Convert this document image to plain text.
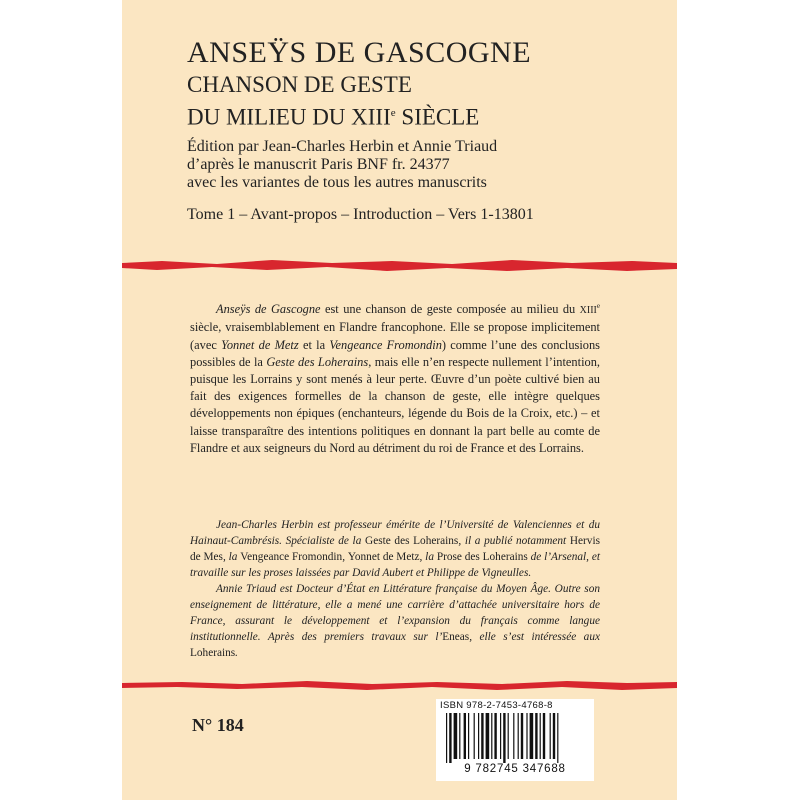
ANSEŸS DE GASCOGNE
CHANSON DE GESTE
DU MILIEU DU XIIIe SIÈCLE
Édition par Jean-Charles Herbin et Annie Triaud
d’après le manuscrit Paris BNF fr. 24377
avec les variantes de tous les autres manuscrits
Tome 1 – Avant-propos – Introduction – Vers 1-13801

Anseÿs de Gascogne est une chanson de geste composée au milieu du XIIIe siècle, vraisemblablement en Flandre francophone. Elle se propose implicitement (avec Yonnet de Metz et la Vengeance Fromondin) comme l’une des conclusions possibles de la Geste des Loherains, mais elle n’en respecte nullement l’intention, puisque les Lorrains y sont menés à leur perte. Œuvre d’un poète cultivé bien au fait des exigences formelles de la chanson de geste, elle intègre quelques développements non épiques (enchanteurs, légende du Bois de la Croix, etc.) – et laisse transparaître des intentions politiques en donnant la part belle au comte de Flandre et aux seigneurs du Nord au détriment du roi de France et des Lorrains.

Jean-Charles Herbin est professeur émérite de l’Université de Valenciennes et du Hainaut-Cambrésis. Spécialiste de la Geste des Loherains, il a publié notamment Hervis de Mes, la Vengeance Fromondin, Yonnet de Metz, la Prose des Loherains de l’Arsenal, et travaille sur les proses laissées par David Aubert et Philippe de Vigneulles.

Annie Triaud est Docteur d’État en Littérature française du Moyen Âge. Outre son enseignement de littérature, elle a mené une carrière d’attachée universitaire hors de France, assurant le développement et l’expansion du français comme langue institutionnelle. Après des premiers travaux sur l’Eneas, elle s’est intéressée aux Loherains.

N° 184
ISBN 978-2-7453-4768-8
9 782745 347688
